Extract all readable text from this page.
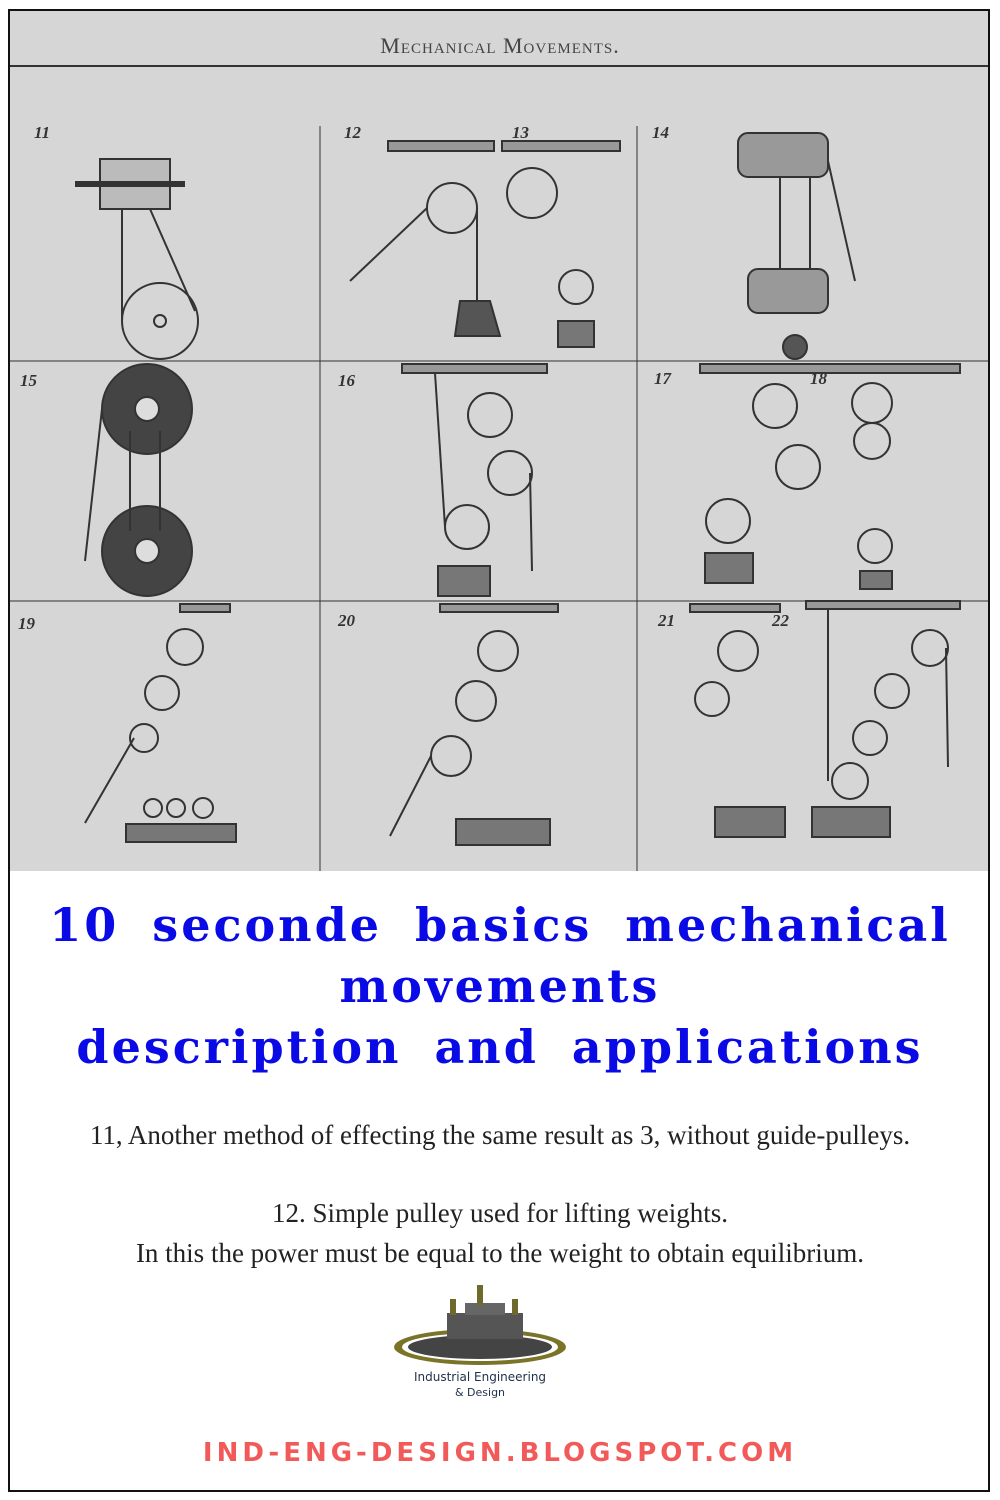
Mechanical Movements.
11	12	13	14
15	16	17	18
19	20	21	22
10 seconde basics mechanical
movements
description and applications
11, Another method of effecting the same result as 3, without guide-pulleys.
12. Simple pulley used for lifting weights.
In this the power must be equal to the weight to obtain equilibrium.
Industrial Engineering
& Design
IND-ENG-DESIGN.BLOGSPOT.COM
